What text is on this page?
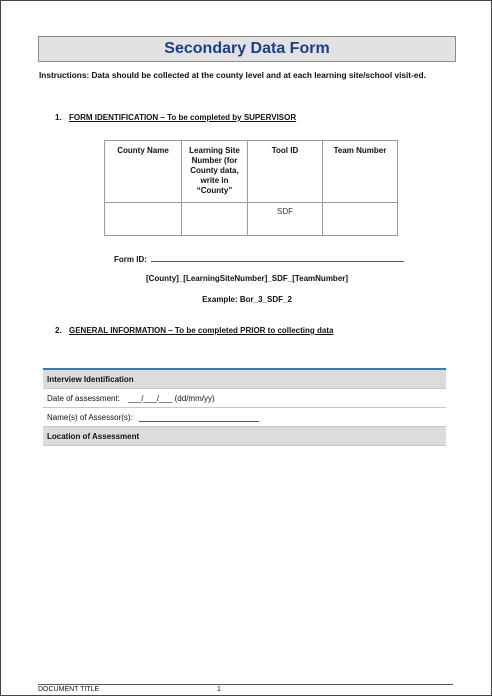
Secondary Data Form
Instructions: Data should be collected at the county level and at each learning site/school visit-ed.
1. FORM IDENTIFICATION – To be completed by SUPERVISOR
County Name	Learning Site Number (for County data, write in “County”	Tool ID	Team Number
		SDF	
Form ID:
[County]_[LearningSiteNumber]_SDF_[TeamNumber]
Example: Bor_3_SDF_2
2. GENERAL INFORMATION – To be completed PRIOR to collecting data
Interview Identification
Date of assessment: ___/___/___ (dd/mm/yy)
Name(s) of Assessor(s):
Location of Assessment
DOCUMENT TITLE	1
